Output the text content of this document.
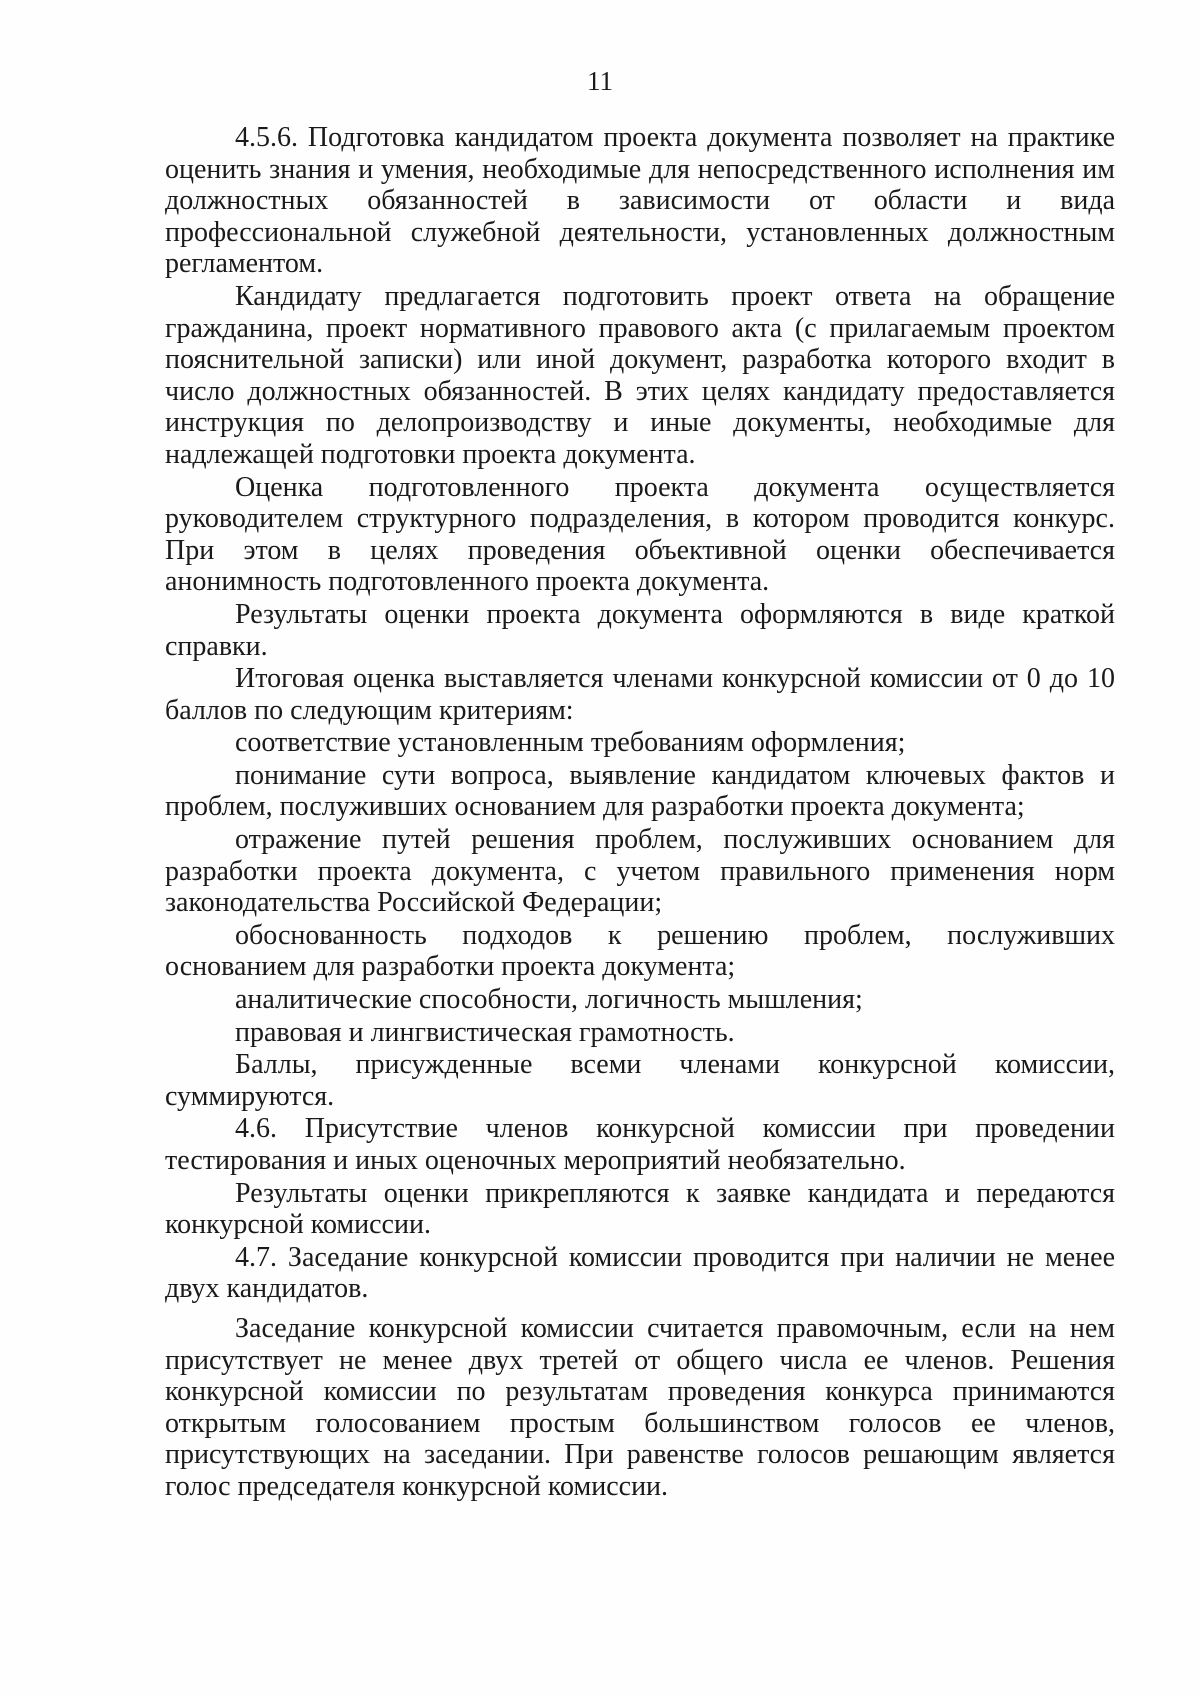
11

4.5.6. Подготовка кандидатом проекта документа позволяет на практике оценить знания и умения, необходимые для непосредственного исполнения им должностных обязанностей в зависимости от области и вида профессиональной служебной деятельности, установленных должностным регламентом.

Кандидату предлагается подготовить проект ответа на обращение гражданина, проект нормативного правового акта (с прилагаемым проектом пояснительной записки) или иной документ, разработка которого входит в число должностных обязанностей. В этих целях кандидату предоставляется инструкция по делопроизводству и иные документы, необходимые для надлежащей подготовки проекта документа.

Оценка подготовленного проекта документа осуществляется руководителем структурного подразделения, в котором проводится конкурс. При этом в целях проведения объективной оценки обеспечивается анонимность подготовленного проекта документа.

Результаты оценки проекта документа оформляются в виде краткой справки.

Итоговая оценка выставляется членами конкурсной комиссии от 0 до 10 баллов по следующим критериям:

соответствие установленным требованиям оформления;

понимание сути вопроса, выявление кандидатом ключевых фактов и проблем, послуживших основанием для разработки проекта документа;

отражение путей решения проблем, послуживших основанием для разработки проекта документа, с учетом правильного применения норм законодательства Российской Федерации;

обоснованность подходов к решению проблем, послуживших основанием для разработки проекта документа;

аналитические способности, логичность мышления;

правовая и лингвистическая грамотность.

Баллы, присужденные всеми членами конкурсной комиссии, суммируются.

4.6. Присутствие членов конкурсной комиссии при проведении тестирования и иных оценочных мероприятий необязательно.

Результаты оценки прикрепляются к заявке кандидата и передаются конкурсной комиссии.

4.7. Заседание конкурсной комиссии проводится при наличии не менее двух кандидатов.

Заседание конкурсной комиссии считается правомочным, если на нем присутствует не менее двух третей от общего числа ее членов. Решения конкурсной комиссии по результатам проведения конкурса принимаются открытым голосованием простым большинством голосов ее членов, присутствующих на заседании. При равенстве голосов решающим является голос председателя конкурсной комиссии.
